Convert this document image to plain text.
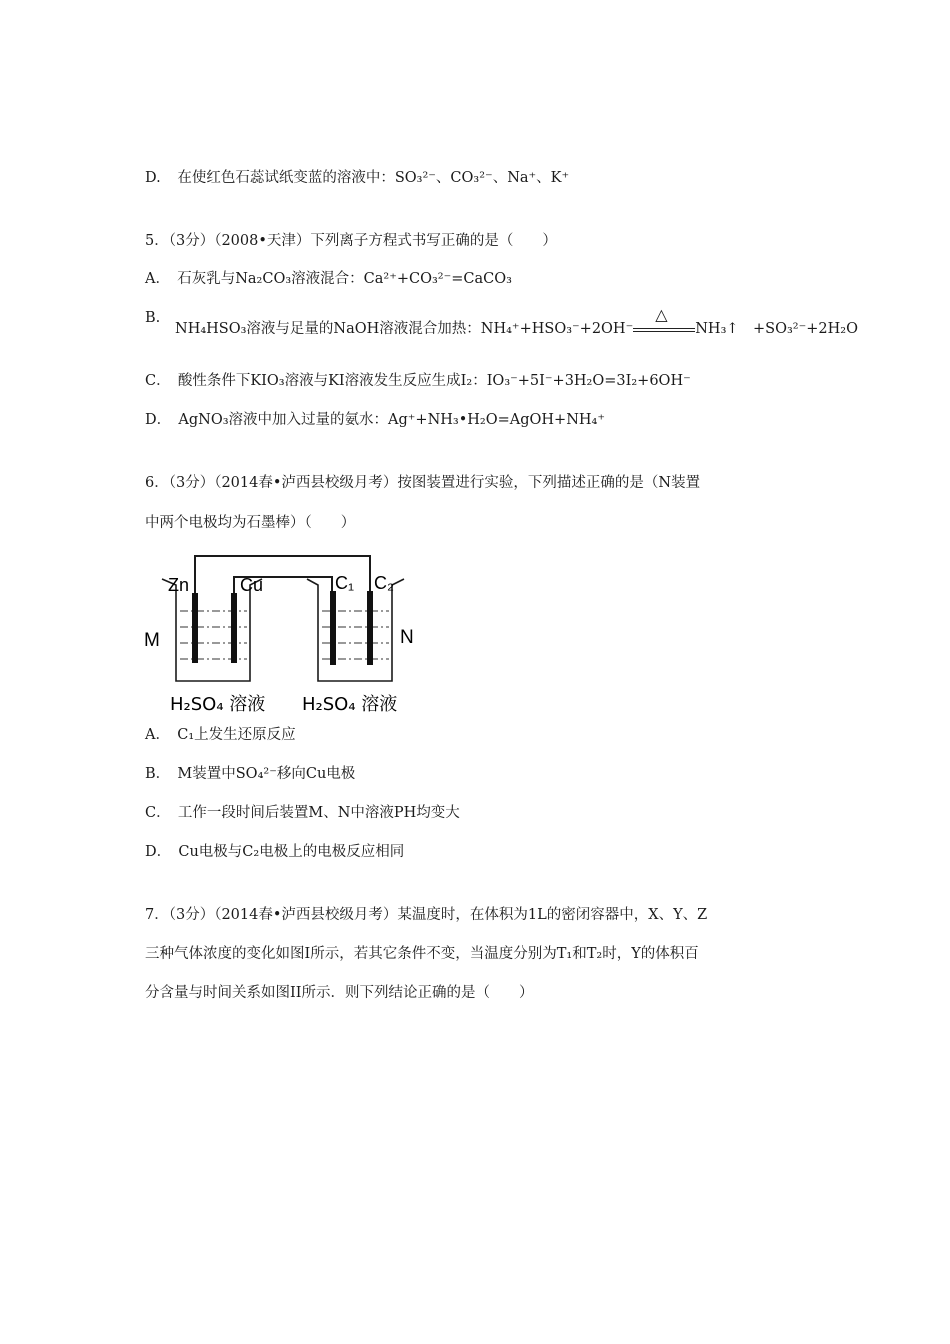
D. 在使红色石蕊试纸变蓝的溶液中：SO₃²⁻、CO₃²⁻、Na⁺、K⁺
5．（3分）（2008•天津）下列离子方程式书写正确的是（　　）
A．　石灰乳与Na₂CO₃溶液混合：Ca²⁺+CO₃²⁻=CaCO₃
B.
NH₄HSO₃溶液与足量的NaOH溶液混合加热：NH₄⁺+HSO₃⁻+2OH⁻
△
NH₃↑　+SO₃²⁻+2H₂O
C．　酸性条件下KIO₃溶液与KI溶液发生反应生成I₂：IO₃⁻+5I⁻+3H₂O=3I₂+6OH⁻
D．　AgNO₃溶液中加入过量的氨水：Ag⁺+NH₃•H₂O=AgOH+NH₄⁺
6．（3分）（2014春•泸西县校级月考）按图装置进行实验，下列描述正确的是（N装置
中两个电极均为石墨棒）（　　）
Zn	Cu	C₁ C₂
M	N
H₂SO₄ 溶液 H₂SO₄ 溶液
A．　C₁上发生还原反应
B．　M装置中SO₄²⁻移向Cu电极
C．　工作一段时间后装置M、N中溶液PH均变大
D．　Cu电极与C₂电极上的电极反应相同
7．（3分）（2014春•泸西县校级月考）某温度时，在体积为1L的密闭容器中，X、Y、Z
三种气体浓度的变化如图I所示，若其它条件不变，当温度分别为T₁和T₂时，Y的体积百
分含量与时间关系如图II所示．则下列结论正确的是（　　）
